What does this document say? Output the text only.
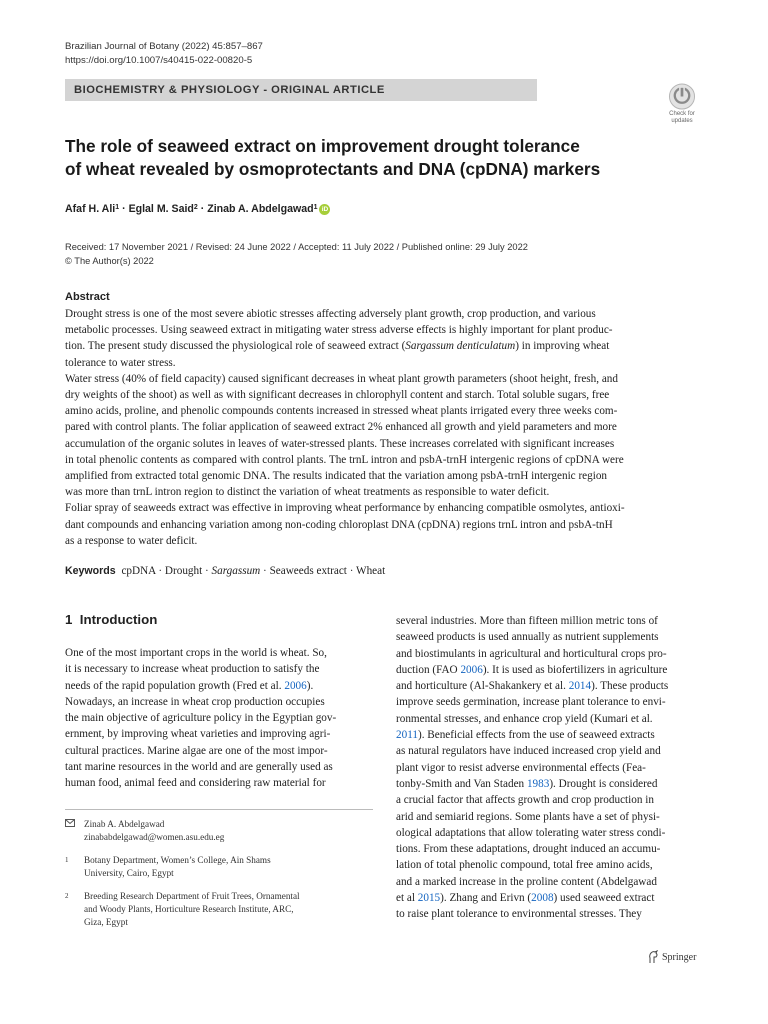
Brazilian Journal of Botany (2022) 45:857–867
https://doi.org/10.1007/s40415-022-00820-5
BIOCHEMISTRY & PHYSIOLOGY - ORIGINAL ARTICLE
Check for
updates
The role of seaweed extract on improvement drought tolerance
of wheat revealed by osmoprotectants and DNA (cpDNA) markers
Afaf H. Ali$^1$ · Eglal M. Said$^2$ · Zinab A. Abdelgawad$^1$ iD
Received: 17 November 2021 / Revised: 24 June 2022 / Accepted: 11 July 2022 / Published online: 29 July 2022
© The Author(s) 2022
Abstract
Drought stress is one of the most severe abiotic stresses affecting adversely plant growth, crop production, and various
metabolic processes. Using seaweed extract in mitigating water stress adverse effects is highly important for plant produc-
tion. The present study discussed the physiological role of seaweed extract (Sargassum denticulatum) in improving wheat
tolerance to water stress.
Water stress (40% of field capacity) caused significant decreases in wheat plant growth parameters (shoot height, fresh, and
dry weights of the shoot) as well as with significant decreases in chlorophyll content and starch. Total soluble sugars, free
amino acids, proline, and phenolic compounds contents increased in stressed wheat plants irrigated every three weeks com-
pared with control plants. The foliar application of seaweed extract 2% enhanced all growth and yield parameters and more
accumulation of the organic solutes in leaves of water-stressed plants. These increases correlated with significant increases
in total phenolic contents as compared with control plants. The trnL intron and psbA-trnH intergenic regions of cpDNA were
amplified from extracted total genomic DNA. The results indicated that the variation among psbA-trnH intergenic region
was more than trnL intron region to distinct the variation of wheat treatments as responsible to water deficit.
Foliar spray of seaweeds extract was effective in improving wheat performance by enhancing compatible osmolytes, antioxi-
dant compounds and enhancing variation among non-coding chloroplast DNA (cpDNA) regions trnL intron and psbA-tnH
as a response to water deficit.
Keywords cpDNA · Drought · Sargassum · Seaweeds extract · Wheat
1  Introduction
One of the most important crops in the world is wheat. So,
it is necessary to increase wheat production to satisfy the
needs of the rapid population growth (Fred et al. 2006).
Nowadays, an increase in wheat crop production occupies
the main objective of agriculture policy in the Egyptian gov-
ernment, by improving wheat varieties and improving agri-
cultural practices. Marine algae are one of the most impor-
tant marine resources in the world and are generally used as
human food, animal feed and considering raw material for
several industries. More than fifteen million metric tons of
seaweed products is used annually as nutrient supplements
and biostimulants in agricultural and horticultural crops pro-
duction (FAO 2006). It is used as biofertilizers in agriculture
and horticulture (Al-Shakankery et al. 2014). These products
improve seeds germination, increase plant tolerance to envi-
ronmental stresses, and enhance crop yield (Kumari et al.
2011). Beneficial effects from the use of seaweed extracts
as natural regulators have induced increased crop yield and
plant vigor to resist adverse environmental effects (Fea-
tonby-Smith and Van Staden 1983). Drought is considered
a crucial factor that affects growth and crop production in
arid and semiarid regions. Some plants have a set of physi-
ological adaptations that allow tolerating water stress condi-
tions. From these adaptations, drought induced an accumu-
lation of total phenolic compound, total free amino acids,
and a marked increase in the proline content (Abdelgawad
et al 2015). Zhang and Erivn (2008) used seaweed extract
to raise plant tolerance to environmental stresses. They
Zinab A. Abdelgawad
zinababdelgawad@women.asu.edu.eg
1	Botany Department, Women’s College, Ain Shams
University, Cairo, Egypt
2	Breeding Research Department of Fruit Trees, Ornamental
and Woody Plants, Horticulture Research Institute, ARC,
Giza, Egypt
Springer
